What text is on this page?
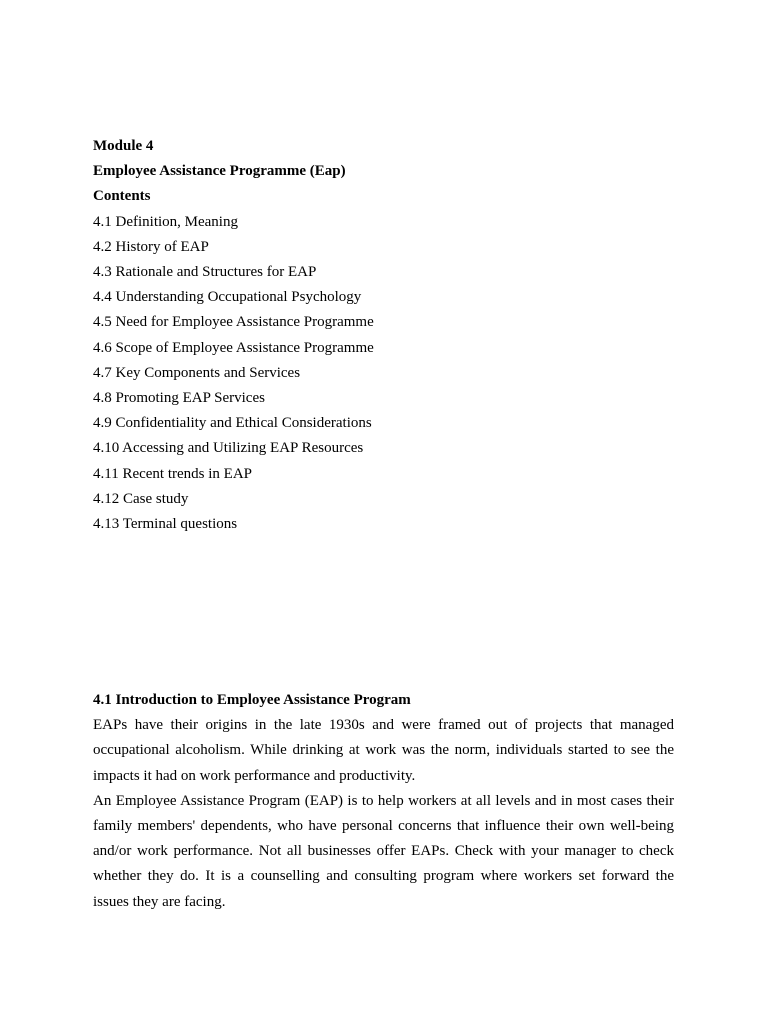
Module 4
Employee Assistance Programme (Eap)
Contents
4.1 Definition, Meaning
4.2 History of EAP
4.3 Rationale and Structures for EAP
4.4 Understanding Occupational Psychology
4.5 Need for Employee Assistance Programme
4.6 Scope of Employee Assistance Programme
4.7 Key Components and Services
4.8 Promoting EAP Services
4.9 Confidentiality and Ethical Considerations
4.10 Accessing and Utilizing EAP Resources
4.11 Recent trends in EAP
4.12 Case study
4.13 Terminal questions
4.1 Introduction to Employee Assistance Program

EAPs have their origins in the late 1930s and were framed out of projects that managed occupational alcoholism. While drinking at work was the norm, individuals started to see the impacts it had on work performance and productivity.

An Employee Assistance Program (EAP) is to help workers at all levels and in most cases their family members' dependents, who have personal concerns that influence their own well-being and/or work performance. Not all businesses offer EAPs. Check with your manager to check whether they do. It is a counselling and consulting program where workers set forward the issues they are facing.
